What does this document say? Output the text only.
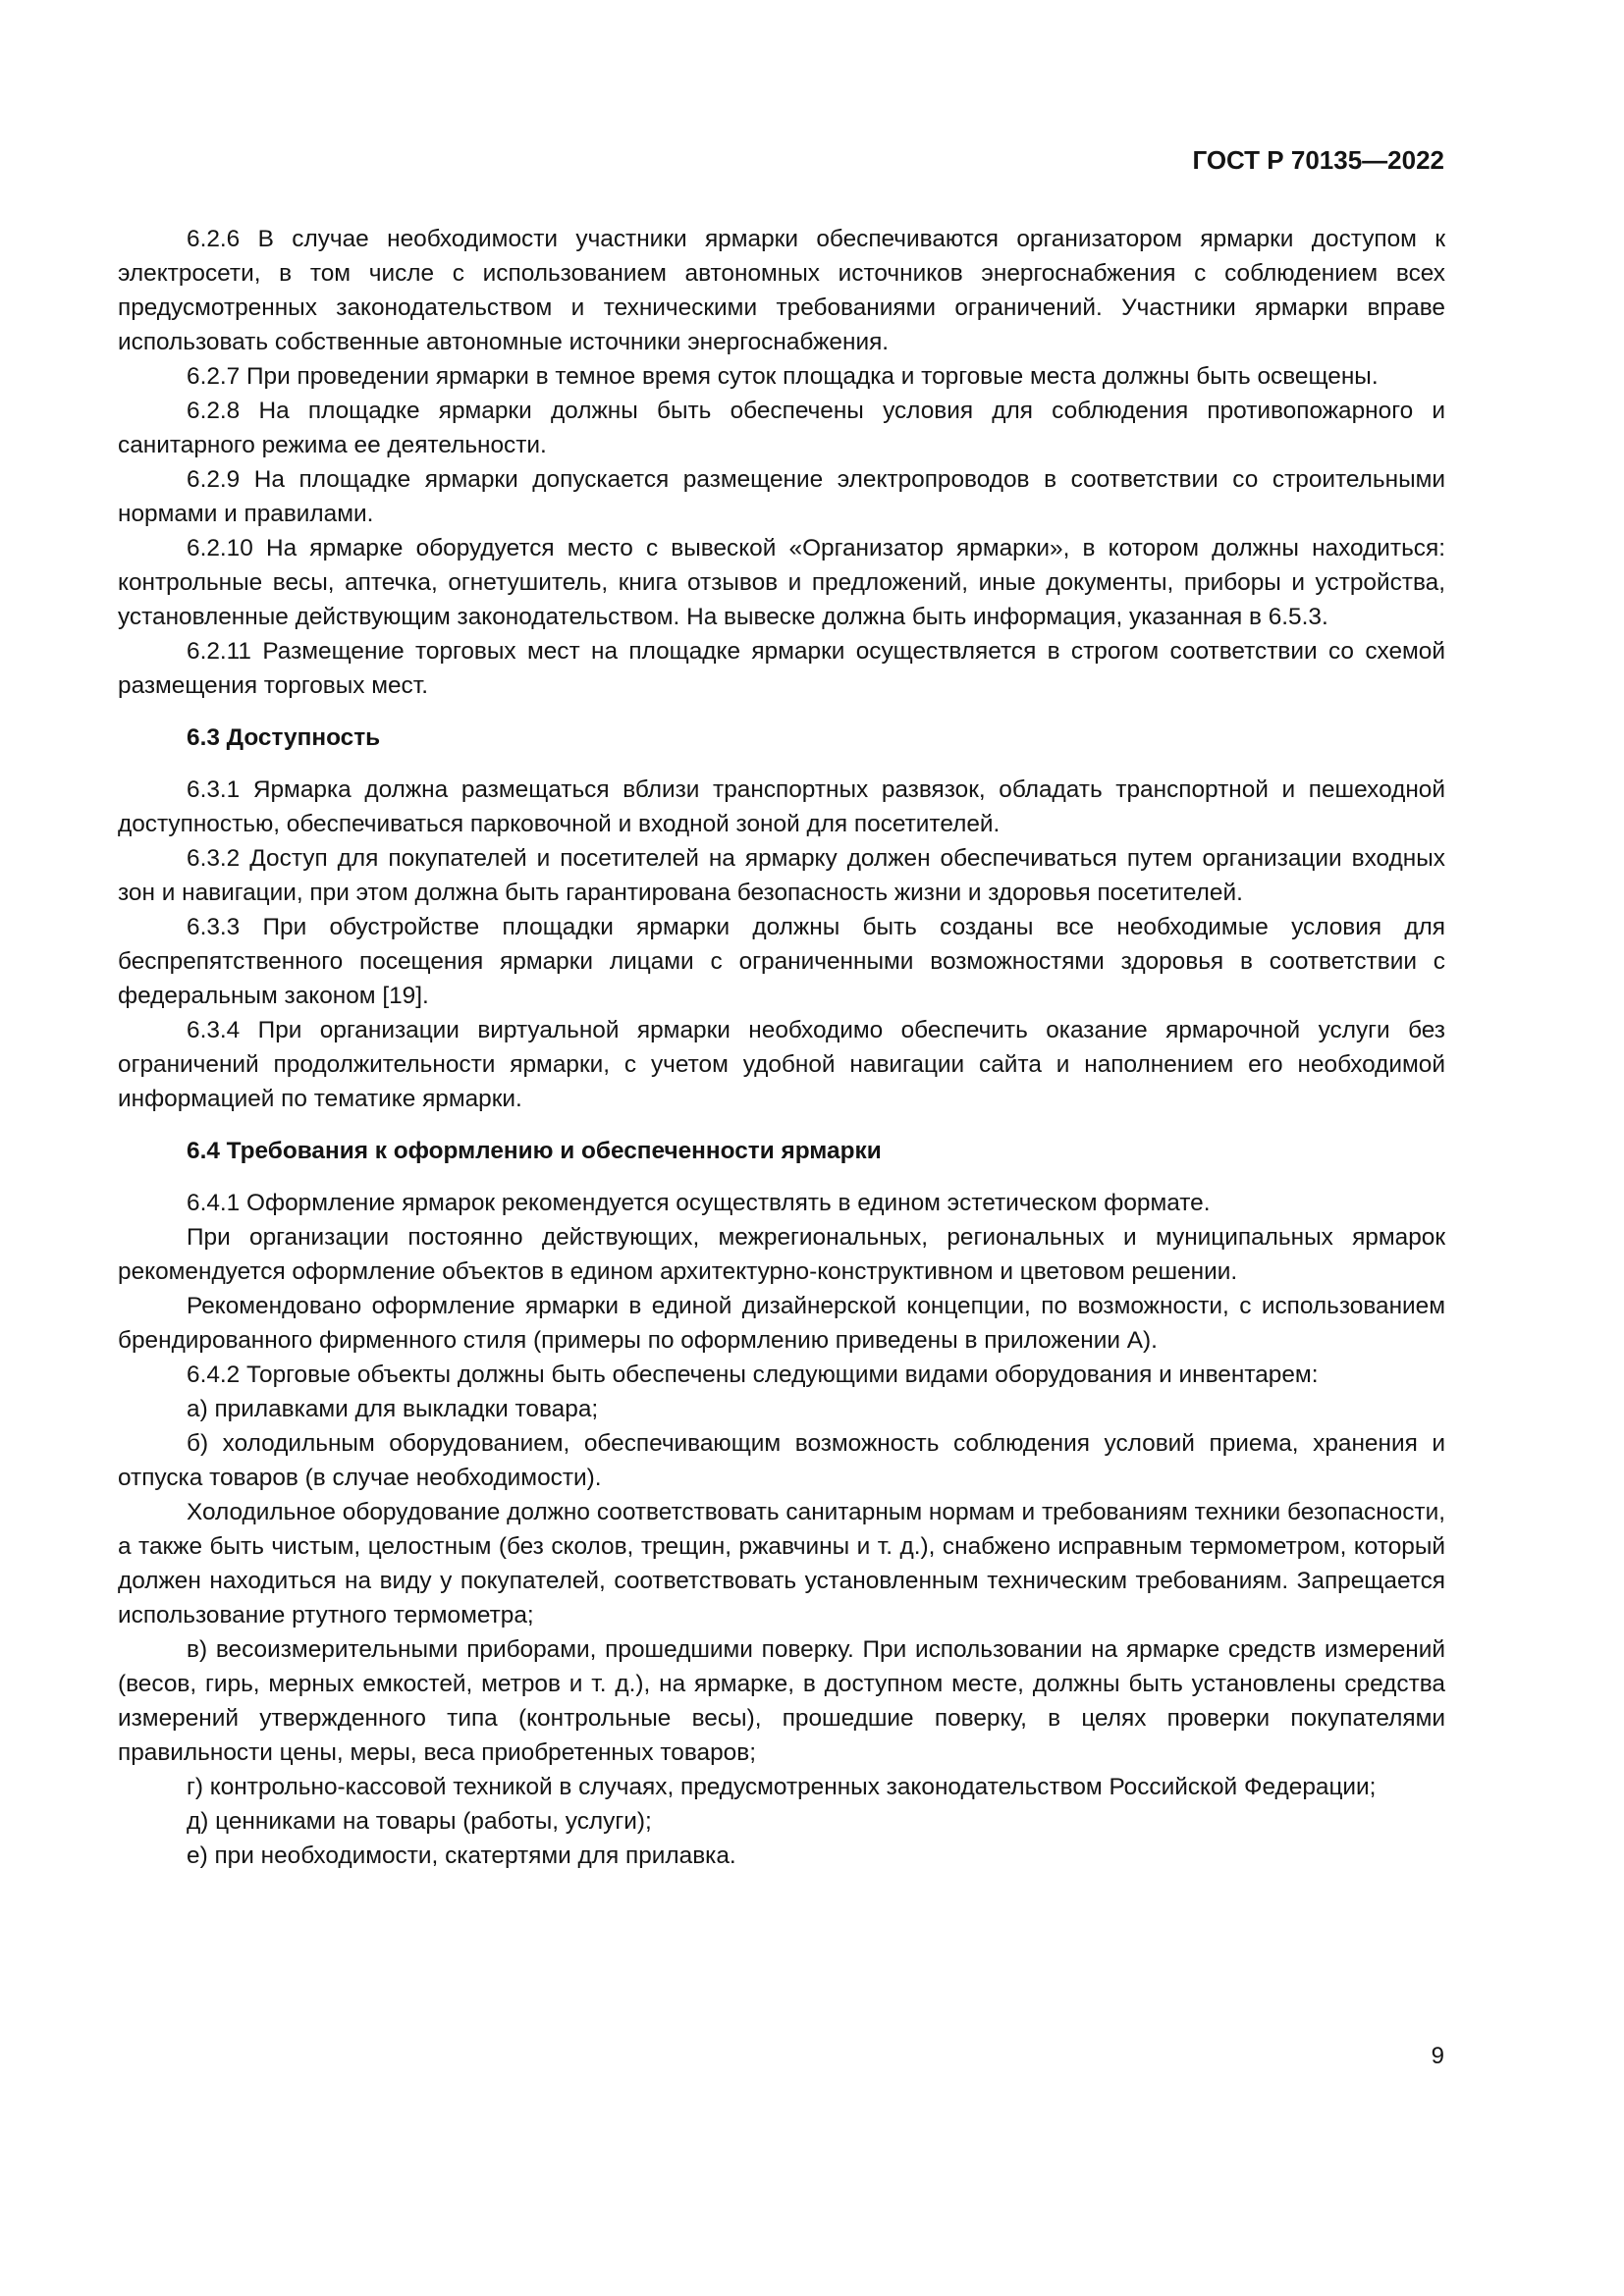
ГОСТ Р 70135—2022

6.2.6 В случае необходимости участники ярмарки обеспечиваются организатором ярмарки доступом к электросети, в том числе с использованием автономных источников энергоснабжения с соблюдением всех предусмотренных законодательством и техническими требованиями ограничений. Участники ярмарки вправе использовать собственные автономные источники энергоснабжения.

6.2.7 При проведении ярмарки в темное время суток площадка и торговые места должны быть освещены.

6.2.8 На площадке ярмарки должны быть обеспечены условия для соблюдения противопожарного и санитарного режима ее деятельности.

6.2.9 На площадке ярмарки допускается размещение электропроводов в соответствии со строительными нормами и правилами.

6.2.10 На ярмарке оборудуется место с вывеской «Организатор ярмарки», в котором должны находиться: контрольные весы, аптечка, огнетушитель, книга отзывов и предложений, иные документы, приборы и устройства, установленные действующим законодательством. На вывеске должна быть информация, указанная в 6.5.3.

6.2.11 Размещение торговых мест на площадке ярмарки осуществляется в строгом соответствии со схемой размещения торговых мест.

6.3 Доступность

6.3.1 Ярмарка должна размещаться вблизи транспортных развязок, обладать транспортной и пешеходной доступностью, обеспечиваться парковочной и входной зоной для посетителей.

6.3.2 Доступ для покупателей и посетителей на ярмарку должен обеспечиваться путем организации входных зон и навигации, при этом должна быть гарантирована безопасность жизни и здоровья посетителей.

6.3.3 При обустройстве площадки ярмарки должны быть созданы все необходимые условия для беспрепятственного посещения ярмарки лицами с ограниченными возможностями здоровья в соответствии с федеральным законом [19].

6.3.4 При организации виртуальной ярмарки необходимо обеспечить оказание ярмарочной услуги без ограничений продолжительности ярмарки, с учетом удобной навигации сайта и наполнением его необходимой информацией по тематике ярмарки.

6.4 Требования к оформлению и обеспеченности ярмарки

6.4.1 Оформление ярмарок рекомендуется осуществлять в едином эстетическом формате.

При организации постоянно действующих, межрегиональных, региональных и муниципальных ярмарок рекомендуется оформление объектов в едином архитектурно-конструктивном и цветовом решении.

Рекомендовано оформление ярмарки в единой дизайнерской концепции, по возможности, с использованием брендированного фирменного стиля (примеры по оформлению приведены в приложении А).

6.4.2 Торговые объекты должны быть обеспечены следующими видами оборудования и инвентарем:

а) прилавками для выкладки товара;

б) холодильным оборудованием, обеспечивающим возможность соблюдения условий приема, хранения и отпуска товаров (в случае необходимости).

Холодильное оборудование должно соответствовать санитарным нормам и требованиям техники безопасности, а также быть чистым, целостным (без сколов, трещин, ржавчины и т. д.), снабжено исправным термометром, который должен находиться на виду у покупателей, соответствовать установленным техническим требованиям. Запрещается использование ртутного термометра;

в) весоизмерительными приборами, прошедшими поверку. При использовании на ярмарке средств измерений (весов, гирь, мерных емкостей, метров и т. д.), на ярмарке, в доступном месте, должны быть установлены средства измерений утвержденного типа (контрольные весы), прошедшие поверку, в целях проверки покупателями правильности цены, меры, веса приобретенных товаров;

г) контрольно-кассовой техникой в случаях, предусмотренных законодательством Российской Федерации;

д) ценниками на товары (работы, услуги);

е) при необходимости, скатертями для прилавка.

9
